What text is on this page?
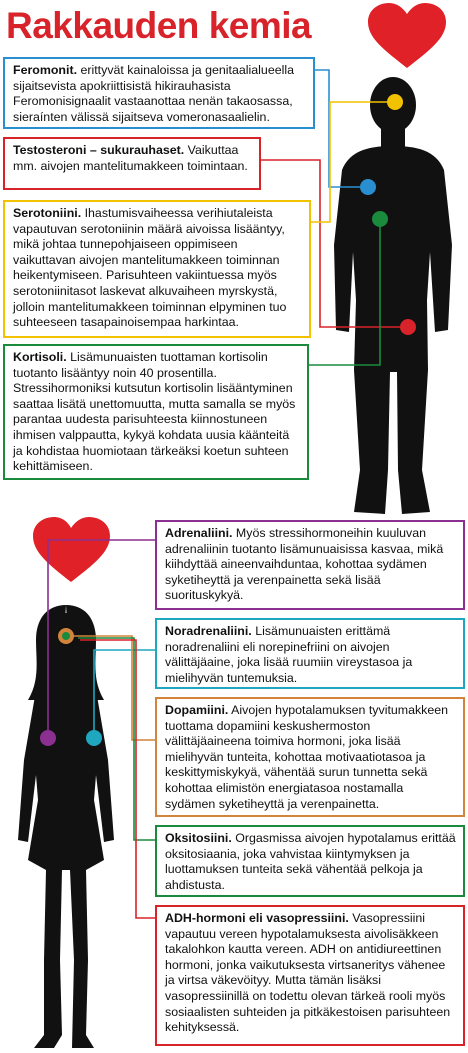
Rakkauden kemia
Feromonit. erittyvät kainaloissa ja genitaalialueella sijaitsevista apokriittisistä hikirauhasista Feromonisignaalit vastaanottaa nenän takaosassa, sieraínten välissä sijaitseva vomeronasaalielin.
Testosteroni – sukurauhaset. Vaikuttaa mm. aivojen mantelitumakkeen toimintaan.
Serotoniini. Ihastumisvaiheessa verihiutaleista vapautuvan serotoniinin määrä aivoissa lisääntyy, mikä johtaa tunnepohjaiseen oppimiseen vaikuttavan aivojen mantelitumakkeen toiminnan heikentymiseen. Parisuhteen vakiintuessa myös serotoniinitasot laskevat alkuvaiheen myrskystä, jolloin mantelitumakkeen toiminnan elpyminen tuo suhteeseen tasapainoisempaa harkintaa.
Kortisoli. Lisämunuaisten tuottaman kortisolin tuotanto lisääntyy noin 40 prosentilla. Stressihormoniksi kutsutun kortisolin lisääntyminen saattaa lisätä unettomuutta, mutta samalla se myös parantaa uudesta parisuhteesta kiinnostuneen ihmisen valppautta, kykyä kohdata uusia käänteitä ja kohdistaa huomiotaan tärkeäksi koetun suhteen kehittämiseen.
Adrenaliini. Myös stressihormoneihin kuuluvan adrenaliinin tuotanto lisämunuaisissa kasvaa, mikä kiihdyttää aineenvaihduntaa, kohottaa sydämen syketiheyttä ja verenpainetta sekä lisää suorituskykyä.
Noradrenaliini. Lisämunuaisten erittämä noradrenaliini eli norepinefriini on aivojen välittäjäaine, joka lisää ruumiin vireystasoa ja mielihyvän tuntemuksia.
Dopamiini. Aivojen hypotalamuksen tyvitumakkeen tuottama dopamiini keskushermoston välittäjäaineena toimiva hormoni, joka lisää mielihyvän tunteita, kohottaa motivaatiotasoa ja keskittymiskykyä, vähentää surun tunnetta sekä kohottaa elimistön energiatasoa nostamalla sydämen syketiheyttä ja verenpainetta.
Oksitosiini. Orgasmissa aivojen hypotalamus erittää oksitosiaania, joka vahvistaa kiintymyksen ja luottamuksen tunteita sekä vähentää pelkoja ja ahdistusta.
ADH-hormoni eli vasopressiini. Vasopressiini vapautuu vereen hypotalamuksesta aivolisäkkeen takalohkon kautta vereen. ADH on antidiureettinen hormoni, jonka vaikutuksesta virtsaneritys vähenee ja virtsa väkevöityy. Mutta tämän lisäksi vasopressiinillä on todettu olevan tärkeä rooli myös sosiaalisten suhteiden ja pitkäkestoisen parisuhteen kehityksessä.
